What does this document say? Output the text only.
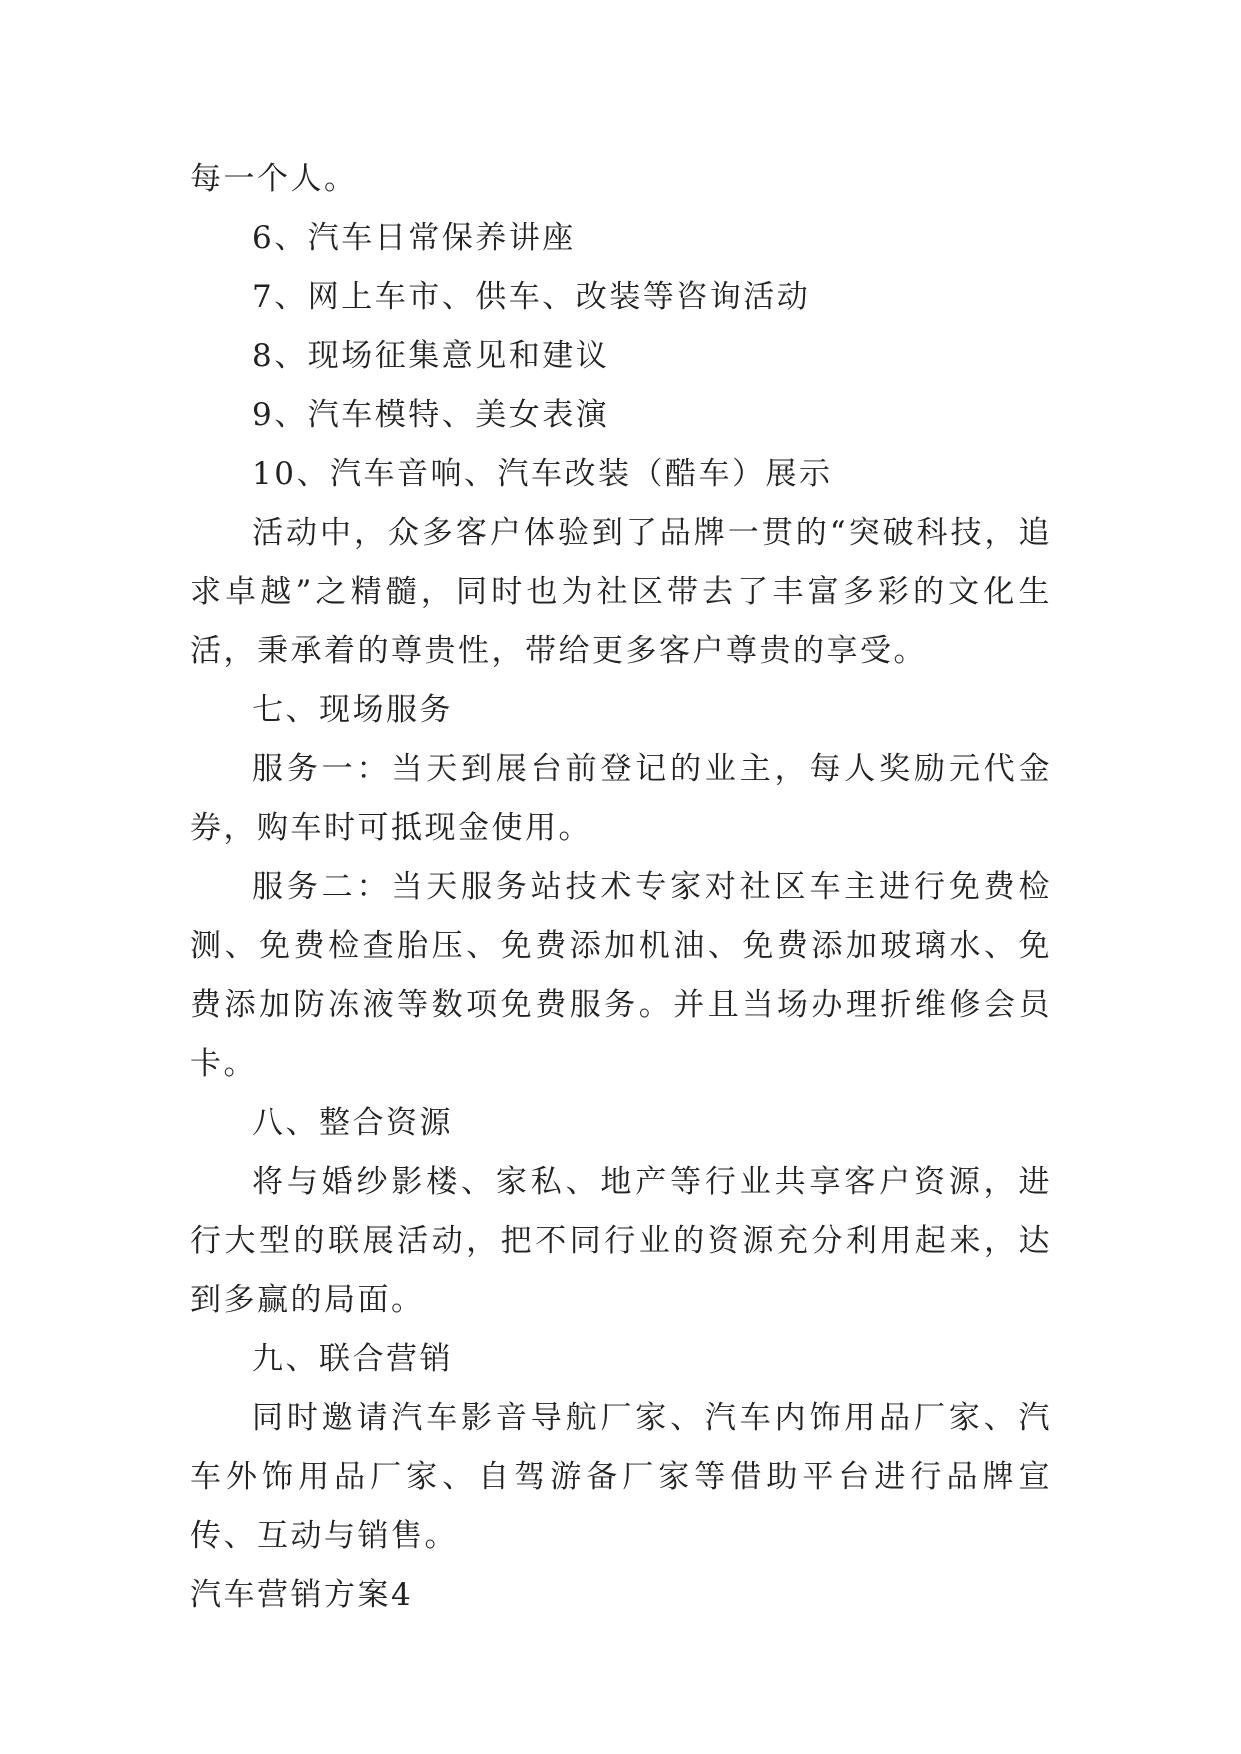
每一个人。

6、汽车日常保养讲座

7、网上车市、供车、改装等咨询活动

8、现场征集意见和建议

9、汽车模特、美女表演

10、汽车音响、汽车改装（酷车）展示

活动中，众多客户体验到了品牌一贯的“突破科技，追求卓越”之精髓，同时也为社区带去了丰富多彩的文化生活，秉承着的尊贵性，带给更多客户尊贵的享受。

七、现场服务

服务一：当天到展台前登记的业主，每人奖励元代金券，购车时可抵现金使用。

服务二：当天服务站技术专家对社区车主进行免费检测、免费检查胎压、免费添加机油、免费添加玻璃水、免费添加防冻液等数项免费服务。并且当场办理折维修会员卡。

八、整合资源

将与婚纱影楼、家私、地产等行业共享客户资源，进行大型的联展活动，把不同行业的资源充分利用起来，达到多赢的局面。

九、联合营销

同时邀请汽车影音导航厂家、汽车内饰用品厂家、汽车外饰用品厂家、自驾游备厂家等借助平台进行品牌宣传、互动与销售。

汽车营销方案4
